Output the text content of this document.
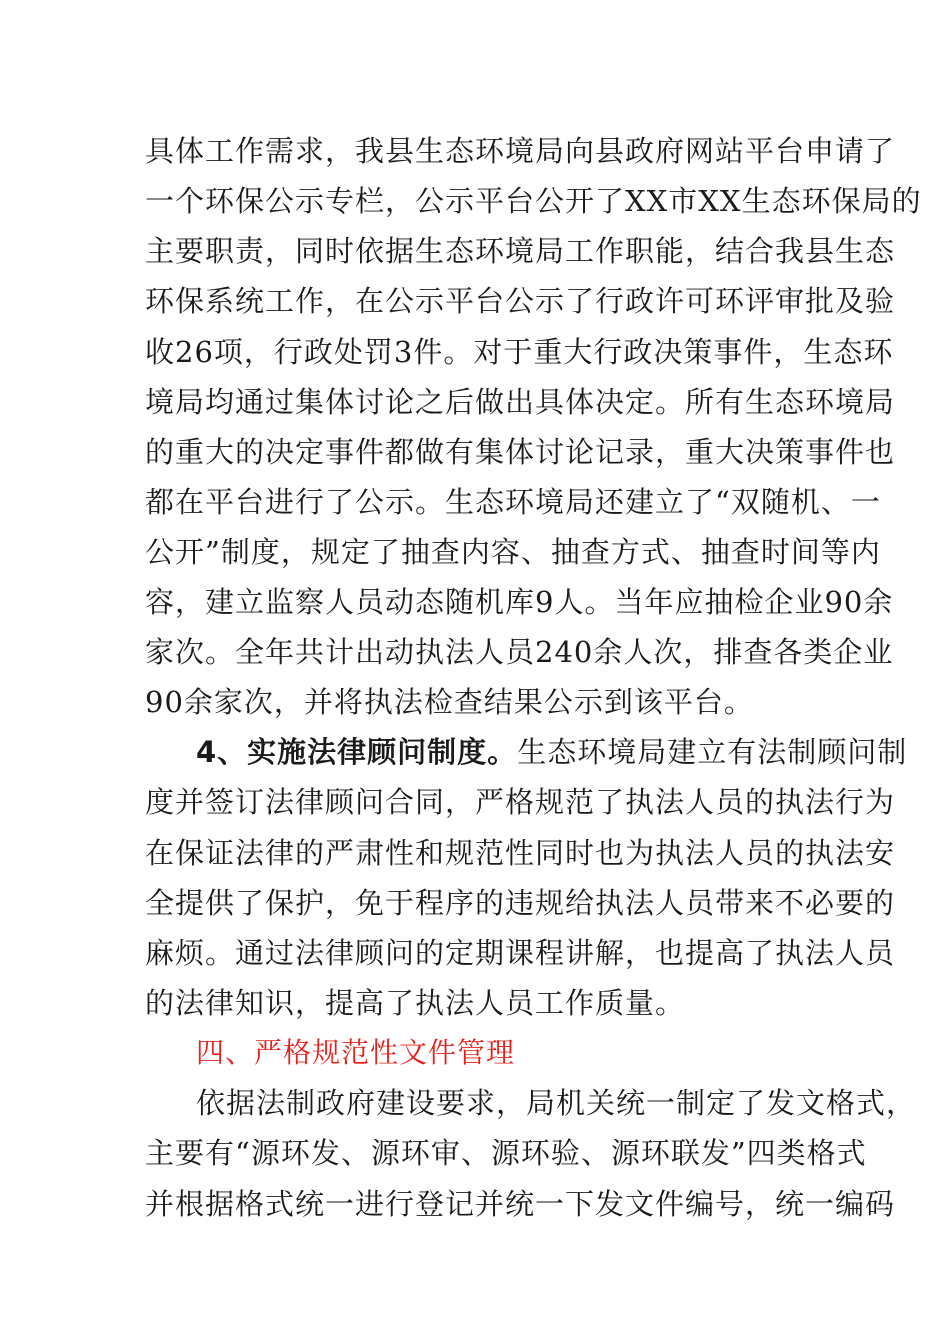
具体工作需求，我县生态环境局向县政府网站平台申请了
一个环保公示专栏，公示平台公开了XX市XX生态环保局的
主要职责，同时依据生态环境局工作职能，结合我县生态
环保系统工作，在公示平台公示了行政许可环评审批及验
收26项，行政处罚3件。对于重大行政决策事件，生态环
境局均通过集体讨论之后做出具体决定。所有生态环境局
的重大的决定事件都做有集体讨论记录，重大决策事件也
都在平台进行了公示。生态环境局还建立了“双随机、一
公开”制度，规定了抽查内容、抽查方式、抽查时间等内
容，建立监察人员动态随机库9人。当年应抽检企业90余
家次。全年共计出动执法人员240余人次，排查各类企业
90余家次，并将执法检查结果公示到该平台。
4、实施法律顾问制度。生态环境局建立有法制顾问制
度并签订法律顾问合同，严格规范了执法人员的执法行为
在保证法律的严肃性和规范性同时也为执法人员的执法安
全提供了保护，免于程序的违规给执法人员带来不必要的
麻烦。通过法律顾问的定期课程讲解，也提高了执法人员
的法律知识，提高了执法人员工作质量。
四、严格规范性文件管理
依据法制政府建设要求，局机关统一制定了发文格式，
主要有“源环发、源环审、源环验、源环联发”四类格式
并根据格式统一进行登记并统一下发文件编号，统一编码
